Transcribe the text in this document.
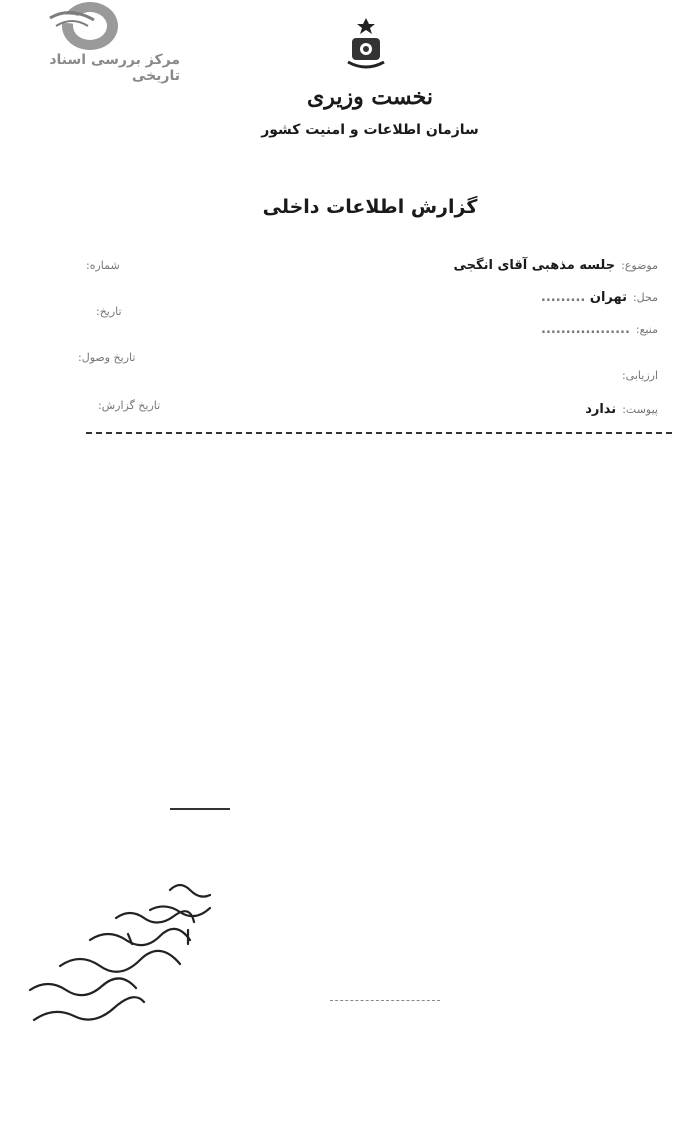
مرکز بررسی اسناد تاریخی
نخست وزیری
سازمان اطلاعات و امنیت کشور
گزارش اطلاعات داخلی
موضوع:جلسه مذهبی آقای انگجی
محل:تهران .........
منبع:..................
ارزیابی:
پیوست:ندارد
شماره:
تاریخ:
تاریخ وصول:
تاریخ گزارش:
